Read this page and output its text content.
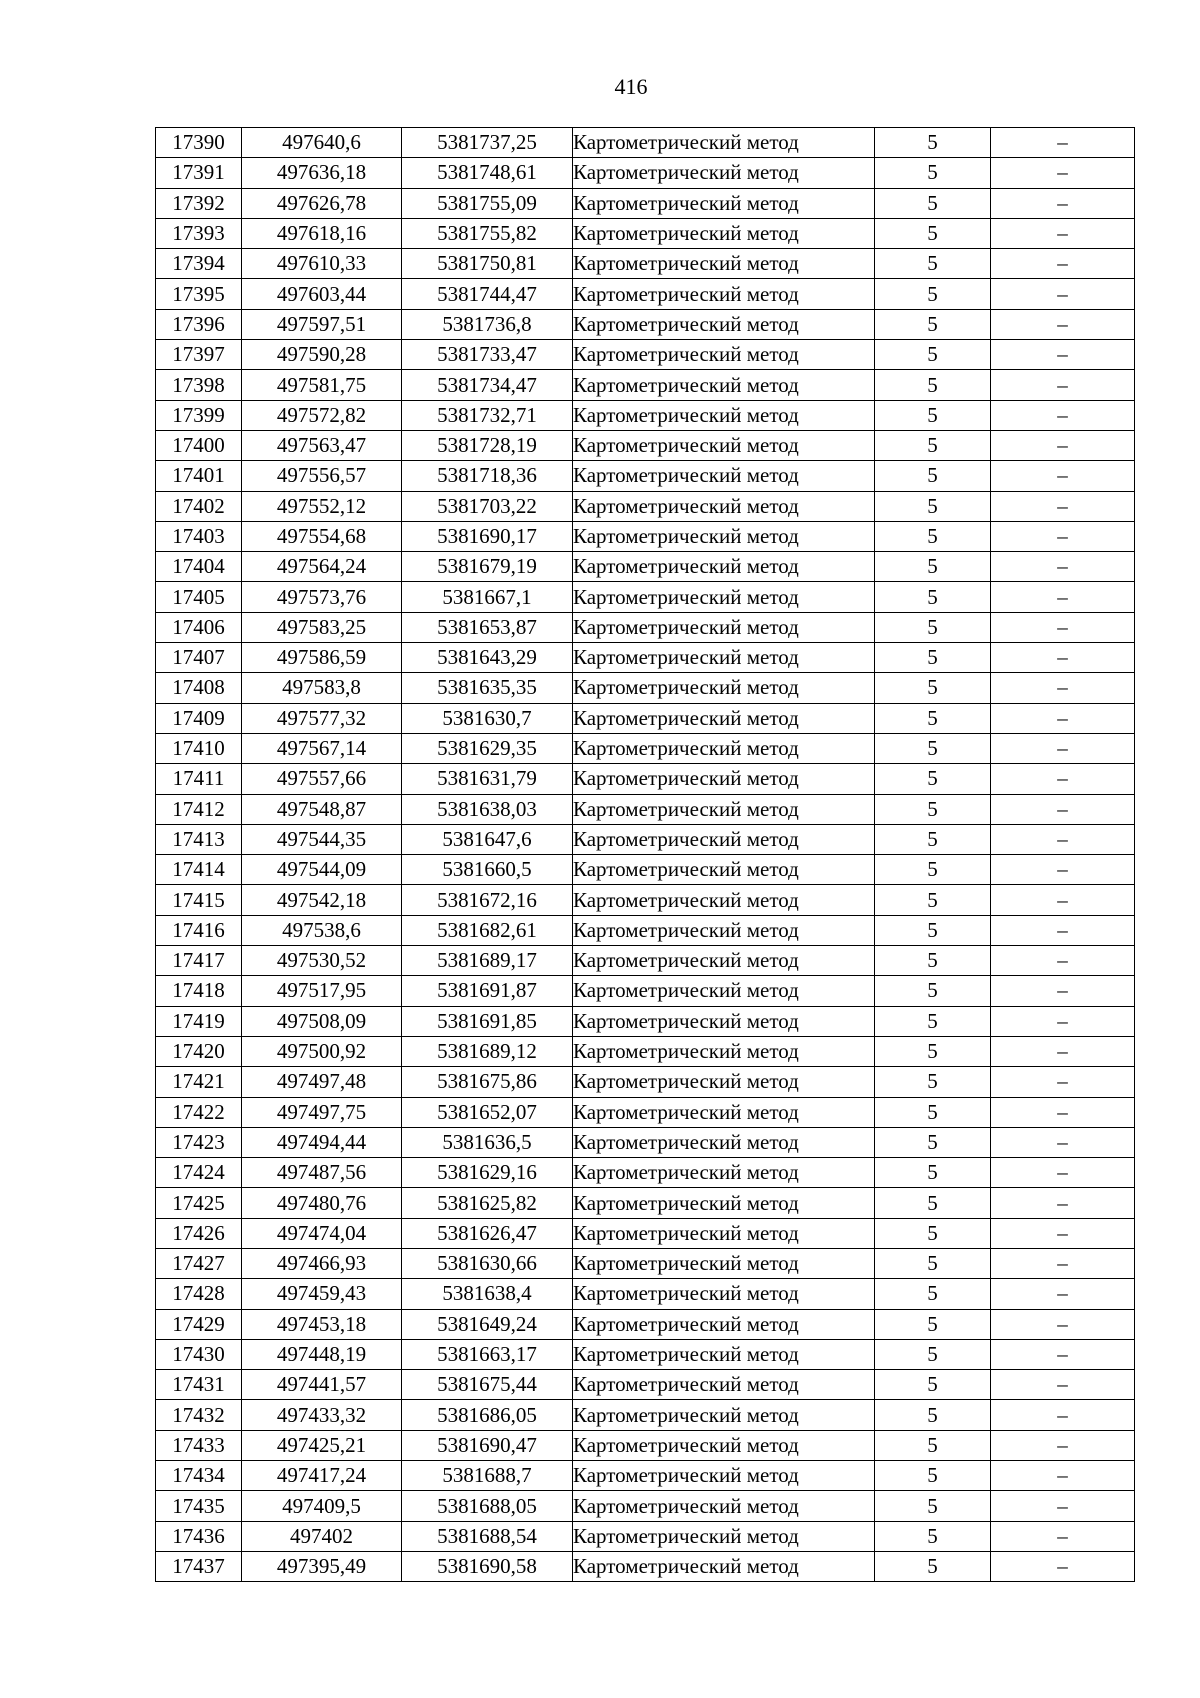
416
17390	497640,6	5381737,25	Картометрический метод	5	–
17391	497636,18	5381748,61	Картометрический метод	5	–
17392	497626,78	5381755,09	Картометрический метод	5	–
17393	497618,16	5381755,82	Картометрический метод	5	–
17394	497610,33	5381750,81	Картометрический метод	5	–
17395	497603,44	5381744,47	Картометрический метод	5	–
17396	497597,51	5381736,8	Картометрический метод	5	–
17397	497590,28	5381733,47	Картометрический метод	5	–
17398	497581,75	5381734,47	Картометрический метод	5	–
17399	497572,82	5381732,71	Картометрический метод	5	–
17400	497563,47	5381728,19	Картометрический метод	5	–
17401	497556,57	5381718,36	Картометрический метод	5	–
17402	497552,12	5381703,22	Картометрический метод	5	–
17403	497554,68	5381690,17	Картометрический метод	5	–
17404	497564,24	5381679,19	Картометрический метод	5	–
17405	497573,76	5381667,1	Картометрический метод	5	–
17406	497583,25	5381653,87	Картометрический метод	5	–
17407	497586,59	5381643,29	Картометрический метод	5	–
17408	497583,8	5381635,35	Картометрический метод	5	–
17409	497577,32	5381630,7	Картометрический метод	5	–
17410	497567,14	5381629,35	Картометрический метод	5	–
17411	497557,66	5381631,79	Картометрический метод	5	–
17412	497548,87	5381638,03	Картометрический метод	5	–
17413	497544,35	5381647,6	Картометрический метод	5	–
17414	497544,09	5381660,5	Картометрический метод	5	–
17415	497542,18	5381672,16	Картометрический метод	5	–
17416	497538,6	5381682,61	Картометрический метод	5	–
17417	497530,52	5381689,17	Картометрический метод	5	–
17418	497517,95	5381691,87	Картометрический метод	5	–
17419	497508,09	5381691,85	Картометрический метод	5	–
17420	497500,92	5381689,12	Картометрический метод	5	–
17421	497497,48	5381675,86	Картометрический метод	5	–
17422	497497,75	5381652,07	Картометрический метод	5	–
17423	497494,44	5381636,5	Картометрический метод	5	–
17424	497487,56	5381629,16	Картометрический метод	5	–
17425	497480,76	5381625,82	Картометрический метод	5	–
17426	497474,04	5381626,47	Картометрический метод	5	–
17427	497466,93	5381630,66	Картометрический метод	5	–
17428	497459,43	5381638,4	Картометрический метод	5	–
17429	497453,18	5381649,24	Картометрический метод	5	–
17430	497448,19	5381663,17	Картометрический метод	5	–
17431	497441,57	5381675,44	Картометрический метод	5	–
17432	497433,32	5381686,05	Картометрический метод	5	–
17433	497425,21	5381690,47	Картометрический метод	5	–
17434	497417,24	5381688,7	Картометрический метод	5	–
17435	497409,5	5381688,05	Картометрический метод	5	–
17436	497402	5381688,54	Картометрический метод	5	–
17437	497395,49	5381690,58	Картометрический метод	5	–
